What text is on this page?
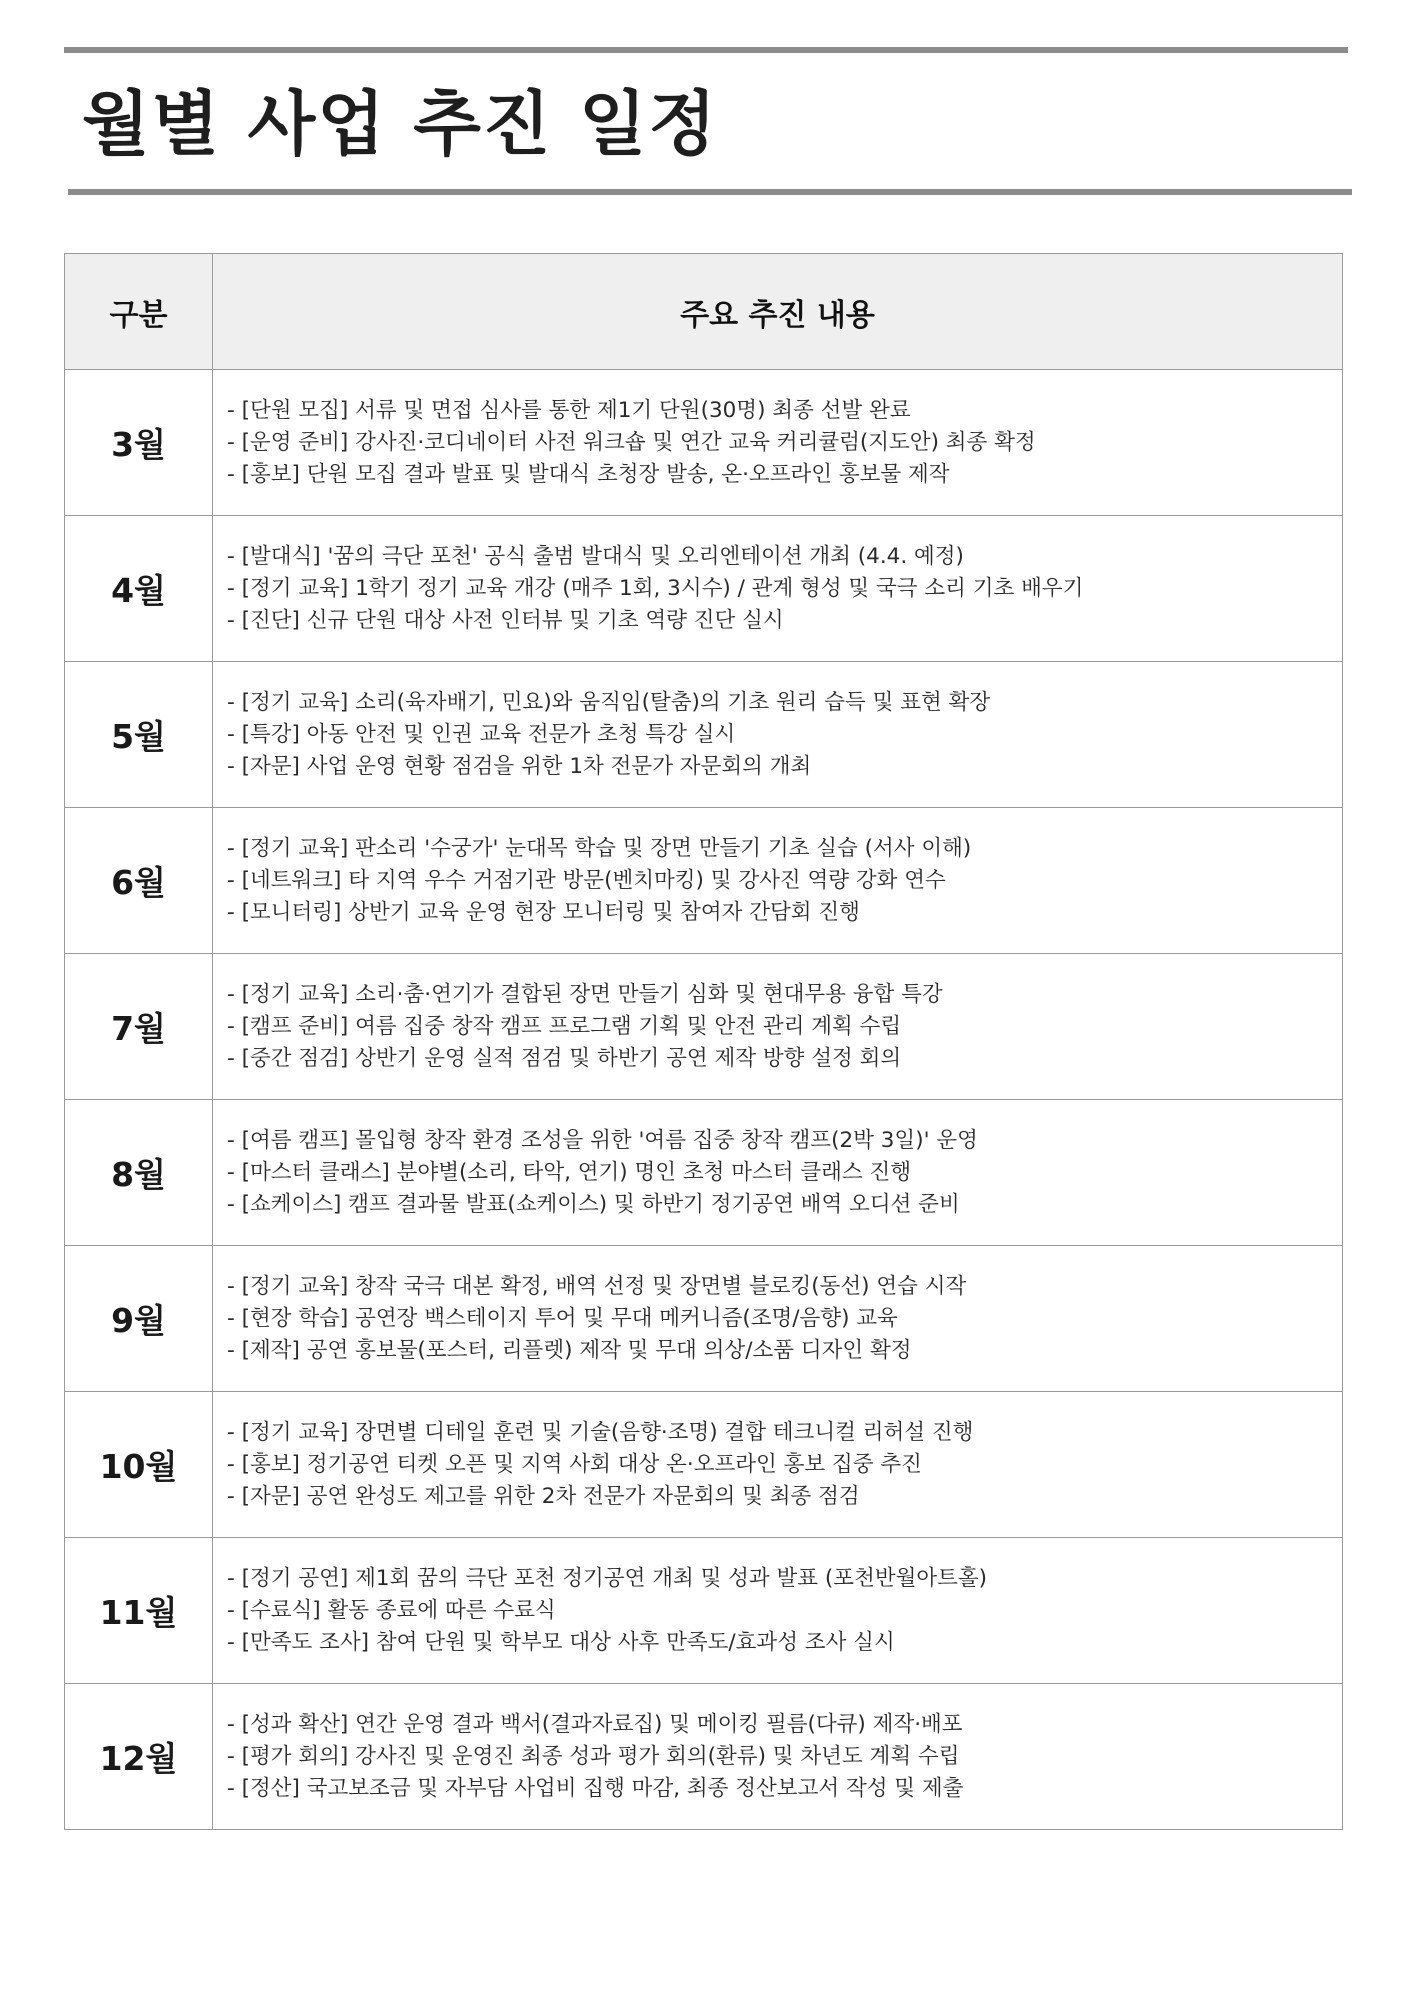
월별 사업 추진 일정
구분	주요 추진 내용
3월	- [단원 모집] 서류 및 면접 심사를 통한 제1기 단원(30명) 최종 선발 완료
- [운영 준비] 강사진·코디네이터 사전 워크숍 및 연간 교육 커리큘럼(지도안) 최종 확정
- [홍보] 단원 모집 결과 발표 및 발대식 초청장 발송, 온·오프라인 홍보물 제작

4월	- [발대식] '꿈의 극단 포천' 공식 출범 발대식 및 오리엔테이션 개최 (4.4. 예정)
- [정기 교육] 1학기 정기 교육 개강 (매주 1회, 3시수) / 관계 형성 및 국극 소리 기초 배우기
- [진단] 신규 단원 대상 사전 인터뷰 및 기초 역량 진단 실시

5월	- [정기 교육] 소리(육자배기, 민요)와 움직임(탈춤)의 기초 원리 습득 및 표현 확장
- [특강] 아동 안전 및 인권 교육 전문가 초청 특강 실시
- [자문] 사업 운영 현황 점검을 위한 1차 전문가 자문회의 개최

6월	- [정기 교육] 판소리 '수궁가' 눈대목 학습 및 장면 만들기 기초 실습 (서사 이해)
- [네트워크] 타 지역 우수 거점기관 방문(벤치마킹) 및 강사진 역량 강화 연수
- [모니터링] 상반기 교육 운영 현장 모니터링 및 참여자 간담회 진행

7월	- [정기 교육] 소리·춤·연기가 결합된 장면 만들기 심화 및 현대무용 융합 특강
- [캠프 준비] 여름 집중 창작 캠프 프로그램 기획 및 안전 관리 계획 수립
- [중간 점검] 상반기 운영 실적 점검 및 하반기 공연 제작 방향 설정 회의

8월	- [여름 캠프] 몰입형 창작 환경 조성을 위한 '여름 집중 창작 캠프(2박 3일)' 운영
- [마스터 클래스] 분야별(소리, 타악, 연기) 명인 초청 마스터 클래스 진행
- [쇼케이스] 캠프 결과물 발표(쇼케이스) 및 하반기 정기공연 배역 오디션 준비

9월	- [정기 교육] 창작 국극 대본 확정, 배역 선정 및 장면별 블로킹(동선) 연습 시작
- [현장 학습] 공연장 백스테이지 투어 및 무대 메커니즘(조명/음향) 교육
- [제작] 공연 홍보물(포스터, 리플렛) 제작 및 무대 의상/소품 디자인 확정

10월	- [정기 교육] 장면별 디테일 훈련 및 기술(음향·조명) 결합 테크니컬 리허설 진행
- [홍보] 정기공연 티켓 오픈 및 지역 사회 대상 온·오프라인 홍보 집중 추진
- [자문] 공연 완성도 제고를 위한 2차 전문가 자문회의 및 최종 점검

11월	- [정기 공연] 제1회 꿈의 극단 포천 정기공연 개최 및 성과 발표 (포천반월아트홀)
- [수료식] 활동 종료에 따른 수료식
- [만족도 조사] 참여 단원 및 학부모 대상 사후 만족도/효과성 조사 실시

12월	- [성과 확산] 연간 운영 결과 백서(결과자료집) 및 메이킹 필름(다큐) 제작·배포
- [평가 회의] 강사진 및 운영진 최종 성과 평가 회의(환류) 및 차년도 계획 수립
- [정산] 국고보조금 및 자부담 사업비 집행 마감, 최종 정산보고서 작성 및 제출
